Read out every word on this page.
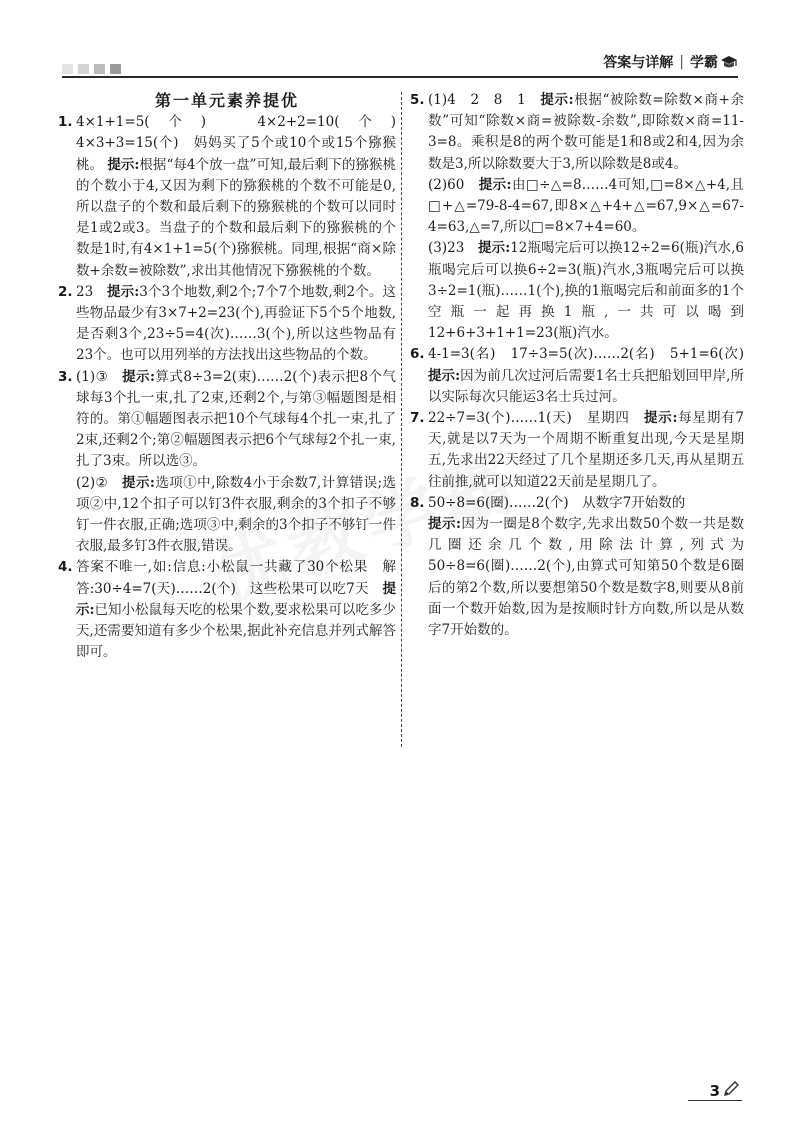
答案与详解 | 学霸
第一单元素养提优
1. 4×1+1=5(个)　4×2+2=10(个)　4×3+3=15(个)　妈妈买了5个或10个或15个猕猴桃。 提示:根据“每4个放一盘”可知,最后剩下的猕猴桃的个数小于4,又因为剩下的猕猴桃的个数不可能是0,所以盘子的个数和最后剩下的猕猴桃的个数可以同时是1或2或3。当盘子的个数和最后剩下的猕猴桃的个数是1时,有4×1+1=5(个)猕猴桃。同理,根据“商×除数+余数=被除数”,求出其他情况下猕猴桃的个数。

2. 23　提示:3个3个地数,剩2个;7个7个地数,剩2个。这些物品最少有3×7+2=23(个),再验证下5个5个地数,是否剩3个,23÷5=4(次)……3(个),所以这些物品有23个。也可以用列举的方法找出这些物品的个数。

3. (1)③　提示:算式8÷3=2(束)……2(个)表示把8个气球每3个扎一束,扎了2束,还剩2个,与第③幅题图是相符的。第①幅题图表示把10个气球每4个扎一束,扎了2束,还剩2个;第②幅题图表示把6个气球每2个扎一束,扎了3束。所以选③。

(2)②　提示:选项①中,除数4小于余数7,计算错误;选项②中,12个扣子可以钉3件衣服,剩余的3个扣子不够钉一件衣服,正确;选项③中,剩余的3个扣子不够钉一件衣服,最多钉3件衣服,错误。

4. 答案不唯一,如:信息:小松鼠一共藏了30个松果　解答:30÷4=7(天)……2(个)　这些松果可以吃7天　提示:已知小松鼠每天吃的松果个数,要求松果可以吃多少天,还需要知道有多少个松果,据此补充信息并列式解答即可。

5. (1)4　2　8　1　提示:根据“被除数=除数×商+余数”可知“除数×商=被除数-余数”,即除数×商=11-3=8。乘积是8的两个数可能是1和8或2和4,因为余数是3,所以除数要大于3,所以除数是8或4。

(2)60　提示:由□÷△=8……4可知,□=8×△+4,且□+△=79-8-4=67,即8×△+4+△=67,9×△=67-4=63,△=7,所以□=8×7+4=60。

(3)23　提示:12瓶喝完后可以换12÷2=6(瓶)汽水,6瓶喝完后可以换6÷2=3(瓶)汽水,3瓶喝完后可以换3÷2=1(瓶)……1(个),换的1瓶喝完后和前面多的1个空瓶一起再换1瓶,一共可以喝到12+6+3+1+1=23(瓶)汽水。

6. 4-1=3(名)　17÷3=5(次)……2(名)　5+1=6(次)　提示:因为前几次过河后需要1名士兵把船划回甲岸,所以实际每次只能运3名士兵过河。

7. 22÷7=3(个)……1(天)　星期四　提示:每星期有7天,就是以7天为一个周期不断重复出现,今天是星期五,先求出22天经过了几个星期还多几天,再从星期五往前推,就可以知道22天前是星期几了。

8. 50÷8=6(圈)……2(个)　从数字7开始数的

提示:因为一圈是8个数字,先求出数50个数一共是数几圈还余几个数,用除法计算,列式为50÷8=6(圈)……2(个),由算式可知第50个数是6圈后的第2个数,所以要想第50个数是数字8,则要从8前面一个数开始数,因为是按顺时针方向数,所以是从数字7开始数的。

3
